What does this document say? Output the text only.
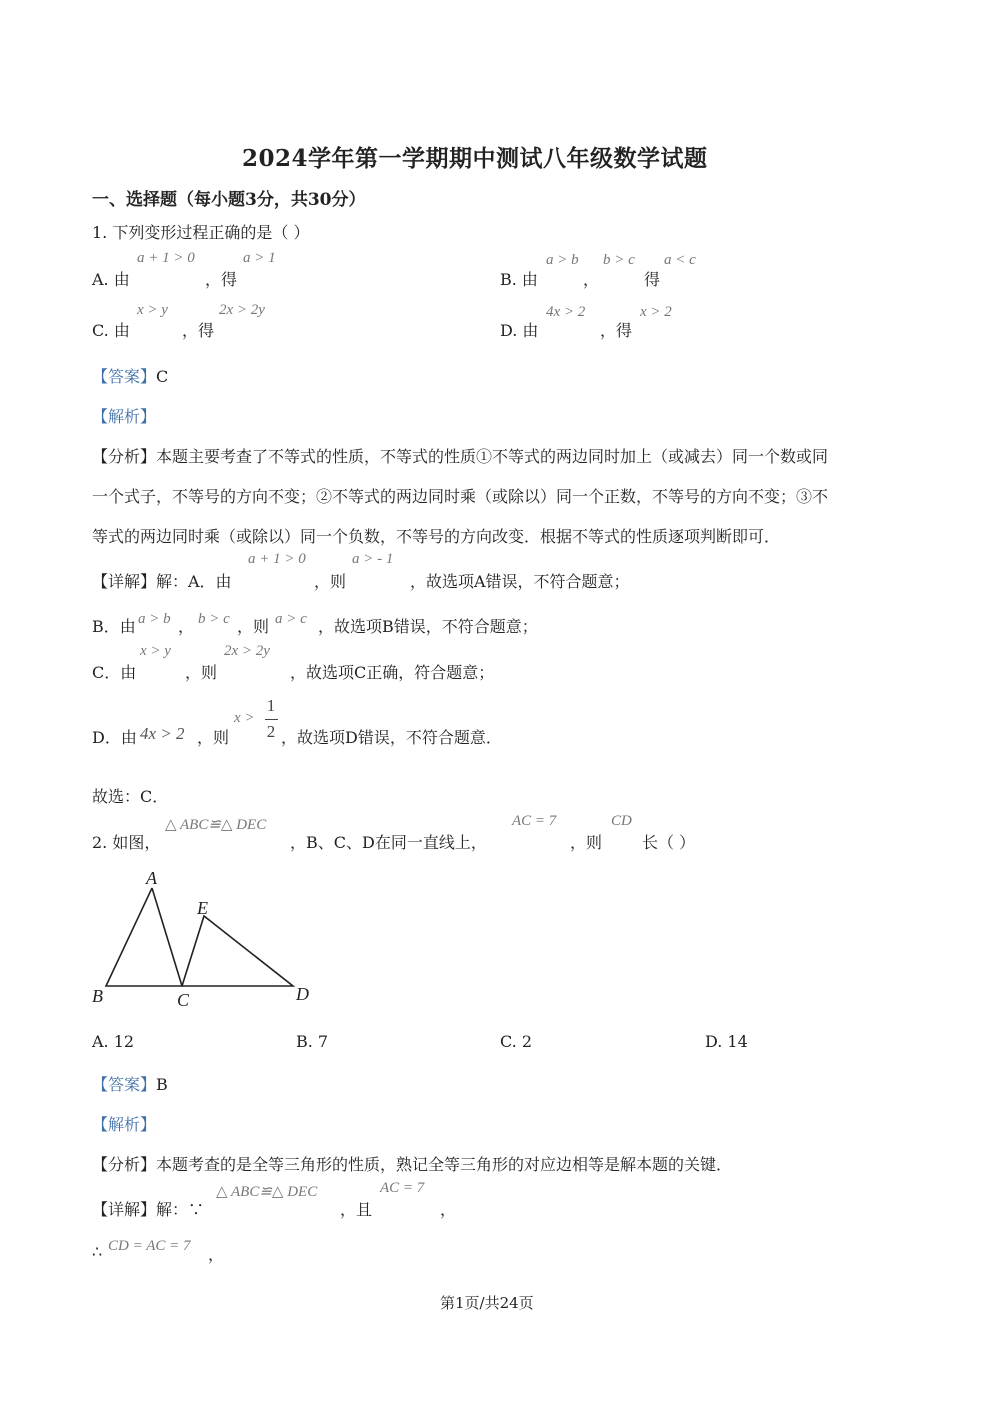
2024学年第一学期期中测试八年级数学试题
一、选择题（每小题3分，共30分）
1. 下列变形过程正确的是（ ）
A. 由
a + 1 > 0
，得
a > 1
B. 由
a > b
，
b > c
得
a < c
C. 由
x > y
，得
2x > 2y
D. 由
4x > 2
，得
x > 2
【答案】C
【解析】
【分析】本题主要考查了不等式的性质，不等式的性质①不等式的两边同时加上（或减去）同一个数或同
一个式子，不等号的方向不变；②不等式的两边同时乘（或除以）同一个正数，不等号的方向不变；③不
等式的两边同时乘（或除以）同一个负数，不等号的方向改变．根据不等式的性质逐项判断即可．
【详解】解：A．由
a + 1 > 0
，则
a > - 1
，故选项A错误，不符合题意；
B．由 a > b ， b > c ，则 a > c ，故选项B错误，不符合题意；
C．由
x > y
，则
2x > 2y
，故选项C正确，符合题意；
D．由 4x > 2 ，则
x >
1
2 ，故选项D错误，不符合题意．
故选：C．
2. 如图，
△ ABC≌△ DEC
，B、C、D在同一直线上，
AC = 7
，则
CD
长（ ）
A
E
B	C	D
A. 12	B. 7	C. 2	D. 14
【答案】B
【解析】
【分析】本题考查的是全等三角形的性质，熟记全等三角形的对应边相等是解本题的关键．
【详解】解：∵
△ ABC≌△ DEC
，且
AC = 7
，
∴ CD = AC = 7 ，
第1页/共24页
